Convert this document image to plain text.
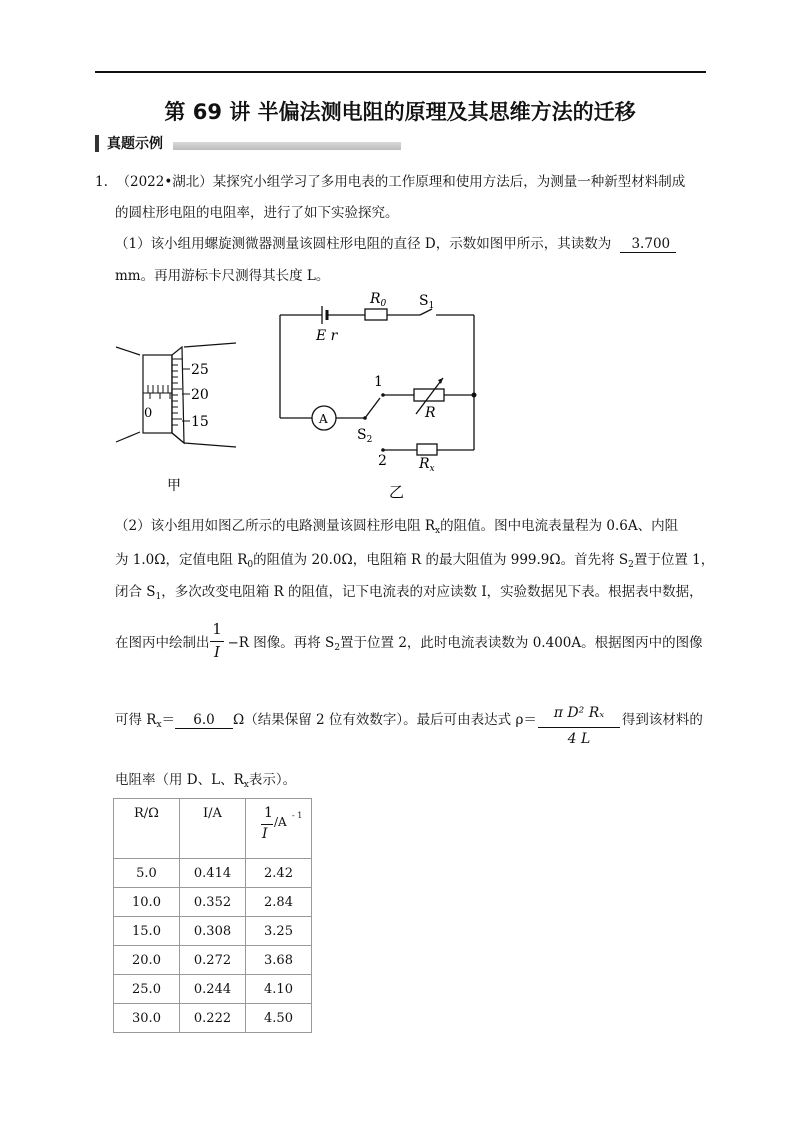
第 69 讲 半偏法测电阻的原理及其思维方法的迁移
真题示例
1. （2022•湖北）某探究小组学习了多用电表的工作原理和使用方法后，为测量一种新型材料制成
的圆柱形电阻的电阻率，进行了如下实验探究。
（1）该小组用螺旋测微器测量该圆柱形电阻的直径 D，示数如图甲所示，其读数为 3.700
mm。再用游标卡尺测得其长度 L。
0
25
20
15
甲
E r
$R_0$ $S_1$
A
1
R
$S_2$
2 $R_x$
乙
（2）该小组用如图乙所示的电路测量该圆柱形电阻 $R_x$的阻值。图中电流表量程为 0.6A、内阻
为 1.0Ω，定值电阻 $R_0$的阻值为 20.0Ω，电阻箱 R 的最大阻值为 999.9Ω。首先将 $S_2$置于位置 1，
闭合 $S_1$，多次改变电阻箱 R 的阻值，记下电流表的对应读数 I，实验数据见下表。根据表中数据，
在图丙中绘制出 −R 图像。再将 $S_2$置于位置 2，此时电流表读数为 0.400A。根据图丙中的图像
1
I
可得 $R_x= 6.0$ Ω（结果保留 2 位有效数字）。最后可由表达式 ρ＝	得到该材料的
π D² Rₓ
4 L
电阻率（用 D、L、$R_x$表示）。
R/Ω	I/A	1
I
/A - 1

5.0	0.414	2.42
10.0	0.352	2.84
15.0	0.308	3.25
20.0	0.272	3.68
25.0	0.244	4.10
30.0	0.222	4.50
